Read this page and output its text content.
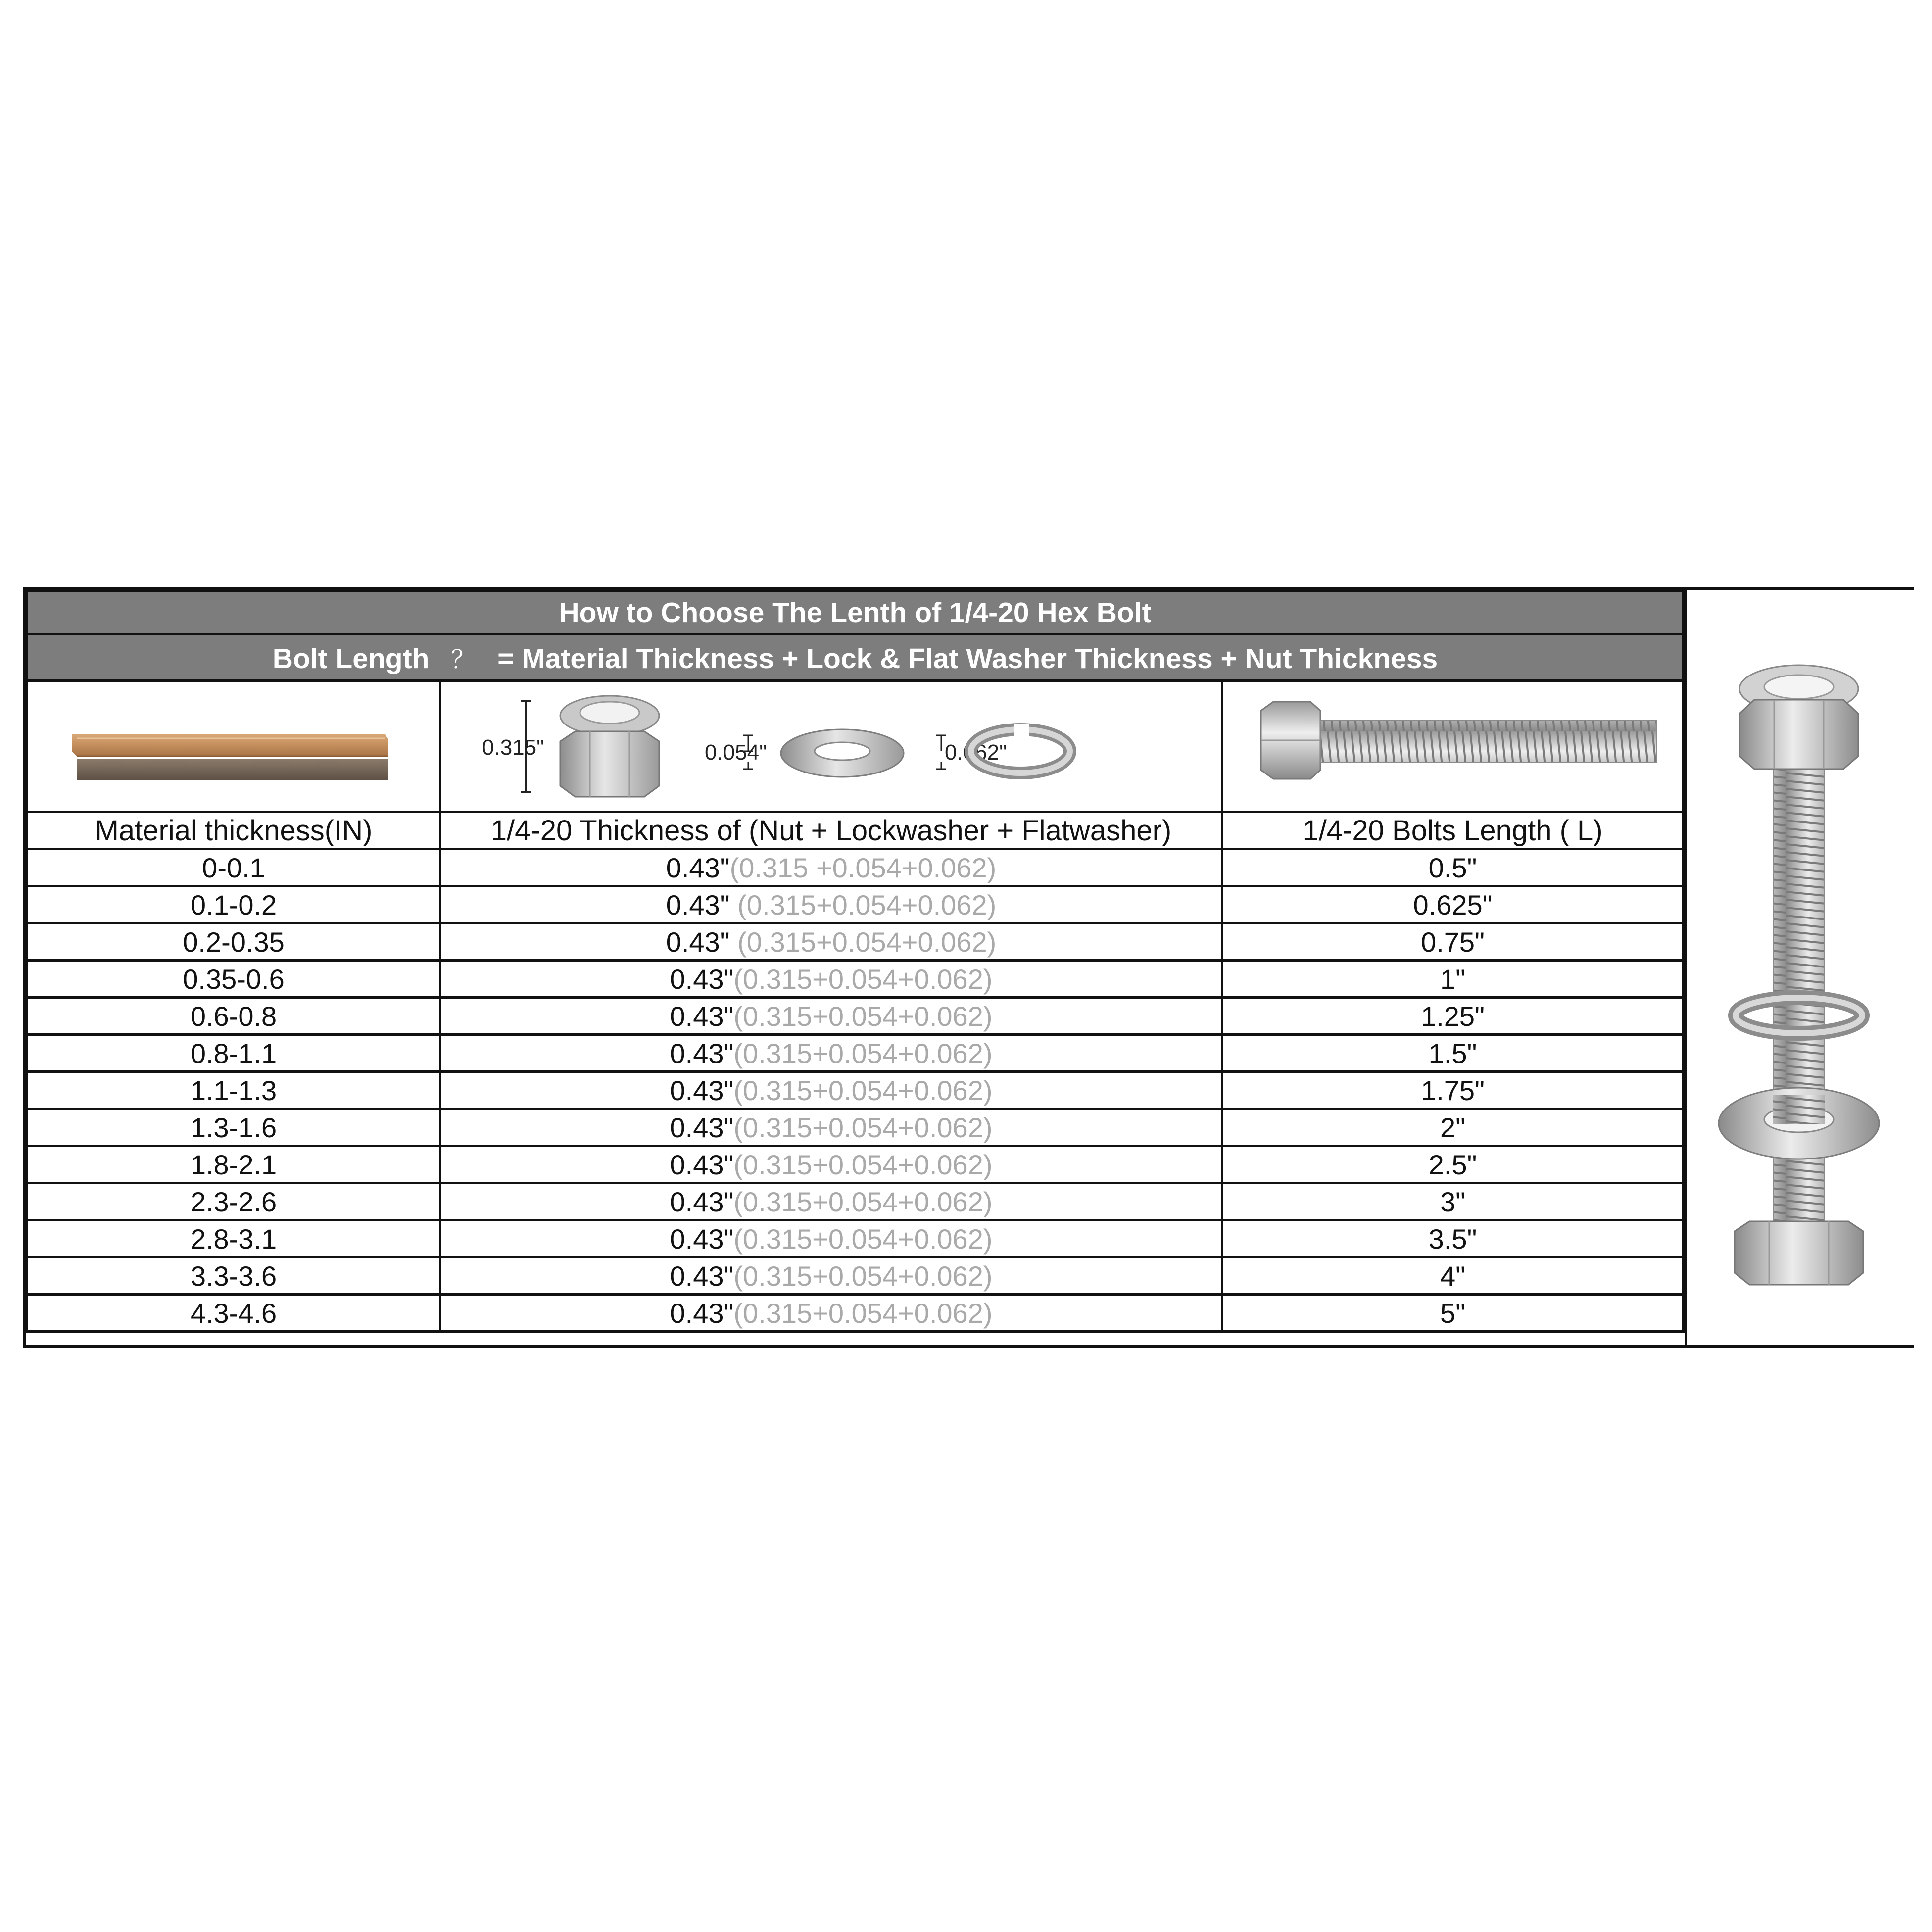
How to Choose The Lenth of 1/4-20 Hex Bolt		
Bolt Length ？ = Material Thickness + Lock & Flat Washer Thickness + Nut Thickness		

0.315" 0.054" 0.062"

Material thickness(IN)	1/4-20 Thickness of (Nut + Lockwasher + Flatwasher)	1/4-20 Bolts Length ( L)
0-0.1	0.43"(0.315 +0.054+0.062)	0.5"
0.1-0.2	0.43" (0.315+0.054+0.062)	0.625"
0.2-0.35	0.43" (0.315+0.054+0.062)	0.75"
0.35-0.6	0.43"(0.315+0.054+0.062)	1"
0.6-0.8	0.43"(0.315+0.054+0.062)	1.25"
0.8-1.1	0.43"(0.315+0.054+0.062)	1.5"
1.1-1.3	0.43"(0.315+0.054+0.062)	1.75"
1.3-1.6	0.43"(0.315+0.054+0.062)	2"
1.8-2.1	0.43"(0.315+0.054+0.062)	2.5"
2.3-2.6	0.43"(0.315+0.054+0.062)	3"
2.8-3.1	0.43"(0.315+0.054+0.062)	3.5"
3.3-3.6	0.43"(0.315+0.054+0.062)	4"
4.3-4.6	0.43"(0.315+0.054+0.062)	5"
